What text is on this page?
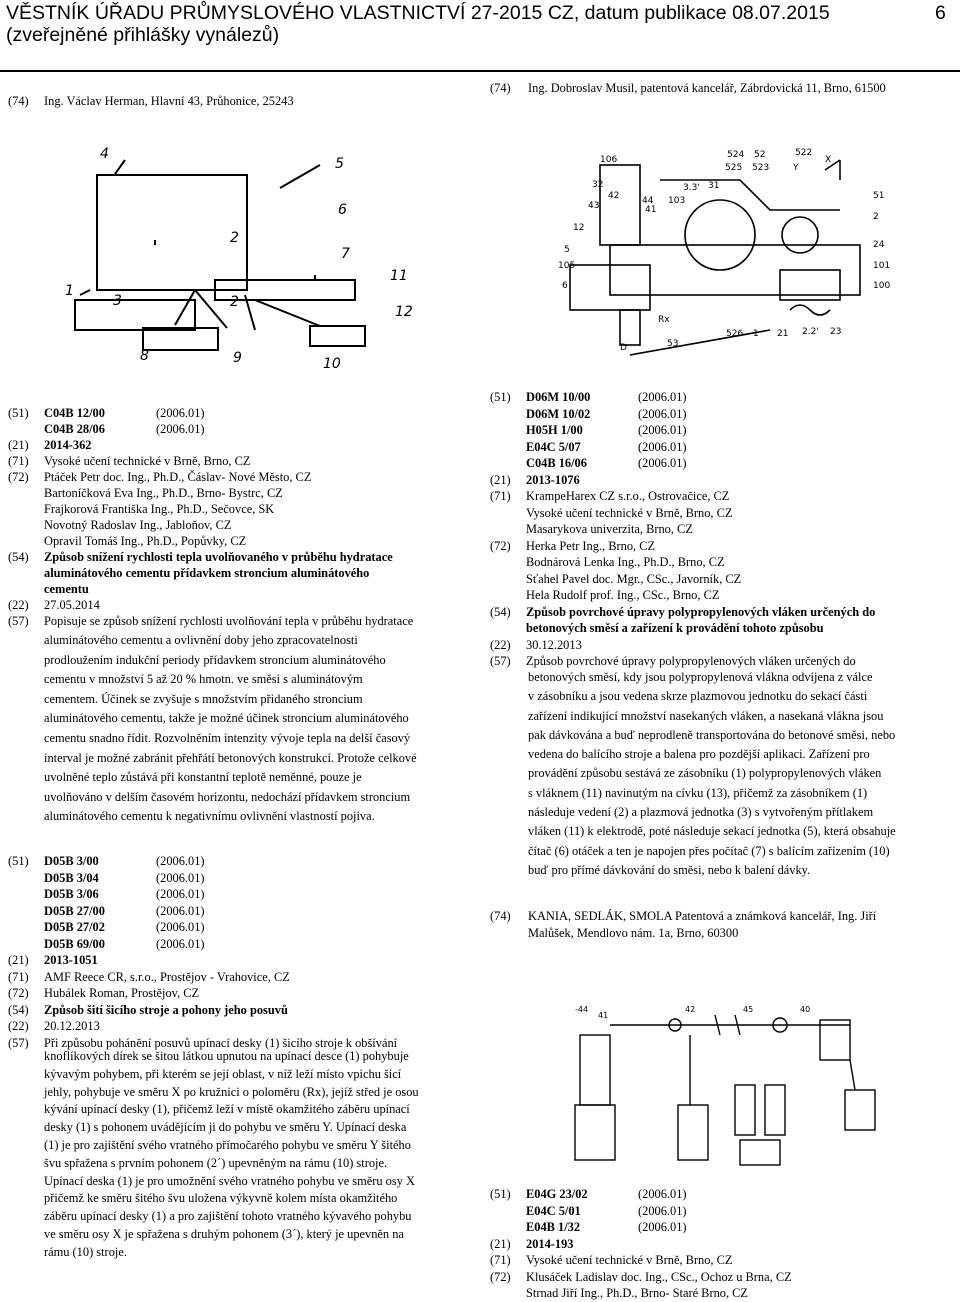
VĚSTNÍK ÚŘADU PRŮMYSLOVÉHO VLASTNICTVÍ 27-2015 CZ, datum publikace 08.07.2015
(zveřejněné přihlášky vynálezů)
6
(74) Ing. Václav Herman, Hlavní 43, Průhonice, 25243
(74) Ing. Dobroslav Musil, patentová kancelář, Zábrdovická 11, Brno, 61500
4
5
6
2
7
11
1
3	2
12
8	9	10
106	524 52	522
32
525 523
X
Y
42
3.3' 31
51
43	44 103
41
2
12
24
5
101
105
100
6
Rx
526 1 21 2.2' 23
D	53
(51) C04B 12/00	(2006.01)
C04B 28/06	(2006.01)
(21) 2014-362
(71) Vysoké učení technické v Brně, Brno, CZ
(72) Ptáček Petr doc. Ing., Ph.D., Čáslav- Nové Město, CZ
Bartoníčková Eva Ing., Ph.D., Brno- Bystrc, CZ
Frajkorová Františka Ing., Ph.D., Sečovce, SK
Novotný Radoslav Ing., Jabloňov, CZ
Opravil Tomáš Ing., Ph.D., Popůvky, CZ
(54) Způsob snížení rychlosti tepla uvolňovaného v průběhu hydratace
aluminátového cementu přídavkem stroncium aluminátového
cementu
(22) 27.05.2014
(57) Popisuje se způsob snížení rychlosti uvolňování tepla v průběhu hydratace
aluminátového cementu a ovlivnění doby jeho zpracovatelnosti
prodloužením indukční periody přídavkem stroncium aluminátového
cementu v množství 5 až 20 % hmotn. ve směsi s aluminátovým
cementem. Účinek se zvyšuje s množstvím přidaného stroncium
aluminátového cementu, takže je možné účinek stroncium aluminátového
cementu snadno řídit. Rozvolněním intenzity vývoje tepla na delší časový
interval je možné zabránit přehřátí betonových konstrukcí. Protože celkové
uvolněné teplo zůstává při konstantní teplotě neměnné, pouze je
uvolňováno v delším časovém horizontu, nedochází přídavkem stroncium
aluminátového cementu k negativnímu ovlivnění vlastností pojiva.
(51) D05B 3/00	(2006.01)
D05B 3/04	(2006.01)
D05B 3/06	(2006.01)
D05B 27/00	(2006.01)
D05B 27/02	(2006.01)
D05B 69/00	(2006.01)
(21) 2013-1051
(71) AMF Reece CR, s.r.o., Prostějov - Vrahovice, CZ
(72) Hubálek Roman, Prostějov, CZ
(54) Způsob šití šicího stroje a pohony jeho posuvů
(22) 20.12.2013
(57) Při způsobu pohánění posuvů upínací desky (1) šicího stroje k obšívání
knoflíkových dírek se šitou látkou upnutou na upínací desce (1) pohybuje
kývavým pohybem, při kterém se její oblast, v níž leží místo vpichu šicí
jehly, pohybuje ve směru X po kružnici o poloměru (Rx), jejíž střed je osou
kývání upínací desky (1), přičemž leží v místě okamžitého záběru upínací
desky (1) s pohonem uvádějícím ji do pohybu ve směru Y. Upínací deska
(1) je pro zajištění svého vratného přímočarého pohybu ve směru Y šitého
švu spřažena s prvním pohonem (2´) upevněným na rámu (10) stroje.
Upínací deska (1) je pro umožnění svého vratného pohybu ve směru osy X
přičemž ke směru šitého švu uložena výkyvně kolem místa okamžitého
záběru upínací desky (1) a pro zajištění tohoto vratného kývavého pohybu
ve směru osy X je spřažena s druhým pohonem (3´), který je upevněn na
rámu (10) stroje.
(51) D06M 10/00	(2006.01)
D06M 10/02	(2006.01)
H05H 1/00	(2006.01)
E04C 5/07	(2006.01)
C04B 16/06	(2006.01)
(21) 2013-1076
(71) KrampeHarex CZ s.r.o., Ostrovačice, CZ
Vysoké učení technické v Brně, Brno, CZ
Masarykova univerzita, Brno, CZ
(72) Herka Petr Ing., Brno, CZ
Bodnárová Lenka Ing., Ph.D., Brno, CZ
Sťahel Pavel doc. Mgr., CSc., Javorník, CZ
Hela Rudolf prof. Ing., CSc., Brno, CZ
(54) Způsob povrchové úpravy polypropylenových vláken určených do
betonových směsí a zařízení k provádění tohoto způsobu
(22) 30.12.2013
(57) Způsob povrchové úpravy polypropylenových vláken určených do
betonových směsí, kdy jsou polypropylenová vlákna odvíjena z válce
v zásobníku a jsou vedena skrze plazmovou jednotku do sekací části
zařízení indikující množství nasekaných vláken, a nasekaná vlákna jsou
pak dávkována a buď neprodleně transportována do betonové směsi, nebo
vedena do balícího stroje a balena pro pozdější aplikaci. Zařízení pro
provádění způsobu sestává ze zásobníku (1) polypropylenových vláken
s vláknem (11) navinutým na cívku (13), přičemž za zásobníkem (1)
následuje vedení (2) a plazmová jednotka (3) s vytvořeným přítlakem
vláken (11) k elektrodě, poté následuje sekací jednotka (5), která obsahuje
čítač (6) otáček a ten je napojen přes počítač (7) s balícím zařízením (10)
buď pro přímé dávkování do směsi, nebo k balení dávky.
(74) KANIA, SEDLÁK, SMOLA Patentová a známková kancelář, Ing. Jiří
Malůšek, Mendlovo nám. 1a, Brno, 60300
-44
41
42	45	40
(51) E04G 23/02	(2006.01)
E04C 5/01	(2006.01)
E04B 1/32	(2006.01)
(21) 2014-193
(71) Vysoké učení technické v Brně, Brno, CZ
(72) Klusáček Ladislav doc. Ing., CSc., Ochoz u Brna, CZ
Strnad Jiří Ing., Ph.D., Brno- Staré Brno, CZ
